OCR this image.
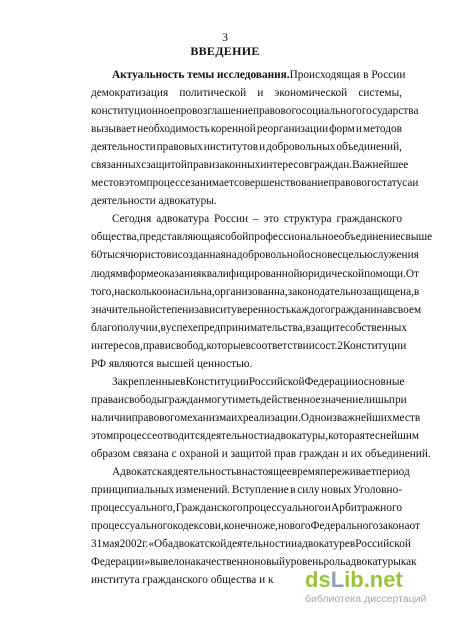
3
ВВЕДЕНИЕ
Актуальность темы исследования. Происходящая в России
демократизация политической и экономической системы,
конституционное провозглашение правового социального государства
вызывает необходимость коренной реорганизации форм и методов
деятельности правовых институтов и добровольных объединений,
связанных с защитой прав и законных интересов граждан. Важнейшее
место в этом процессе занимает совершенствование правового статуса и
деятельности адвокатуры.
Сегодня адвокатура России – это структура гражданского
общества, представляющая собой профессиональное объединение свыше
60 тысяч юристов и созданная на добровольной основе с целью служения
людям в форме оказания квалифицированной юридической помощи. От
того, насколько она сильна, организованна, законодательно защищена, в
значительной степени зависит уверенность каждого гражданина в своем
благополучии, в успехе предпринимательства, в защите собственных
интересов, прав и свобод, которые в соответствии со ст.2 Конституции
РФ являются высшей ценностью.
Закрепленные в Конституции Российской Федерации основные
права и свободы граждан могут иметь действенное значение лишь при
наличии правового механизма их реализации. Одно из важнейших мест в
этом процессе отводится деятельности адвокатуры, которая теснейшим
образом связана с охраной и защитой прав граждан и их объединений.
Адвокатская деятельность в настоящее время переживает период
принципиальных изменений. Вступление в силу новых Уголовно-
процессуального, Гражданского процессуального и Арбитражного
процессуального кодексов и, конечно же, нового Федерального закона от
31 мая 2002 г. «Об адвокатской деятельности и адвокатуре в Российской
Федерации» вывело на качественно новый уровень роль адвокатуры как
института гражданского общества и к	dsLib.net
библиотека диссертаций
